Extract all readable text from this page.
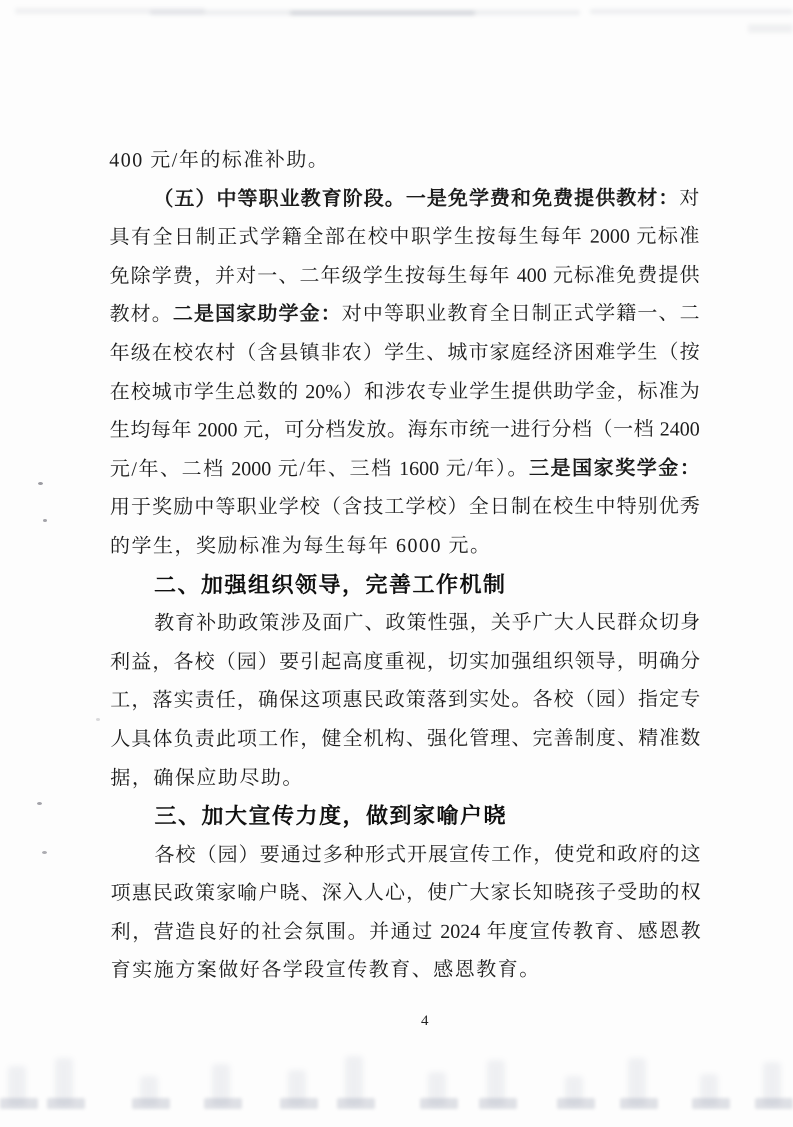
400 元/年的标准补助。
（五）中等职业教育阶段。一是免学费和免费提供教材：对
具有全日制正式学籍全部在校中职学生按每生每年 2000 元标准
免除学费，并对一、二年级学生按每生每年 400 元标准免费提供
教材。二是国家助学金：对中等职业教育全日制正式学籍一、二
年级在校农村（含县镇非农）学生、城市家庭经济困难学生（按
在校城市学生总数的 20%）和涉农专业学生提供助学金，标准为
生均每年 2000 元，可分档发放。海东市统一进行分档（一档 2400
元/年、二档 2000 元/年、三档 1600 元/年）。三是国家奖学金：
用于奖励中等职业学校（含技工学校）全日制在校生中特别优秀
的学生，奖励标准为每生每年 6000 元。
二、加强组织领导，完善工作机制
教育补助政策涉及面广、政策性强，关乎广大人民群众切身
利益，各校（园）要引起高度重视，切实加强组织领导，明确分
工，落实责任，确保这项惠民政策落到实处。各校（园）指定专
人具体负责此项工作，健全机构、强化管理、完善制度、精准数
据，确保应助尽助。
三、加大宣传力度，做到家喻户晓
各校（园）要通过多种形式开展宣传工作，使党和政府的这
项惠民政策家喻户晓、深入人心，使广大家长知晓孩子受助的权
利，营造良好的社会氛围。并通过 2024 年度宣传教育、感恩教
育实施方案做好各学段宣传教育、感恩教育。
4
